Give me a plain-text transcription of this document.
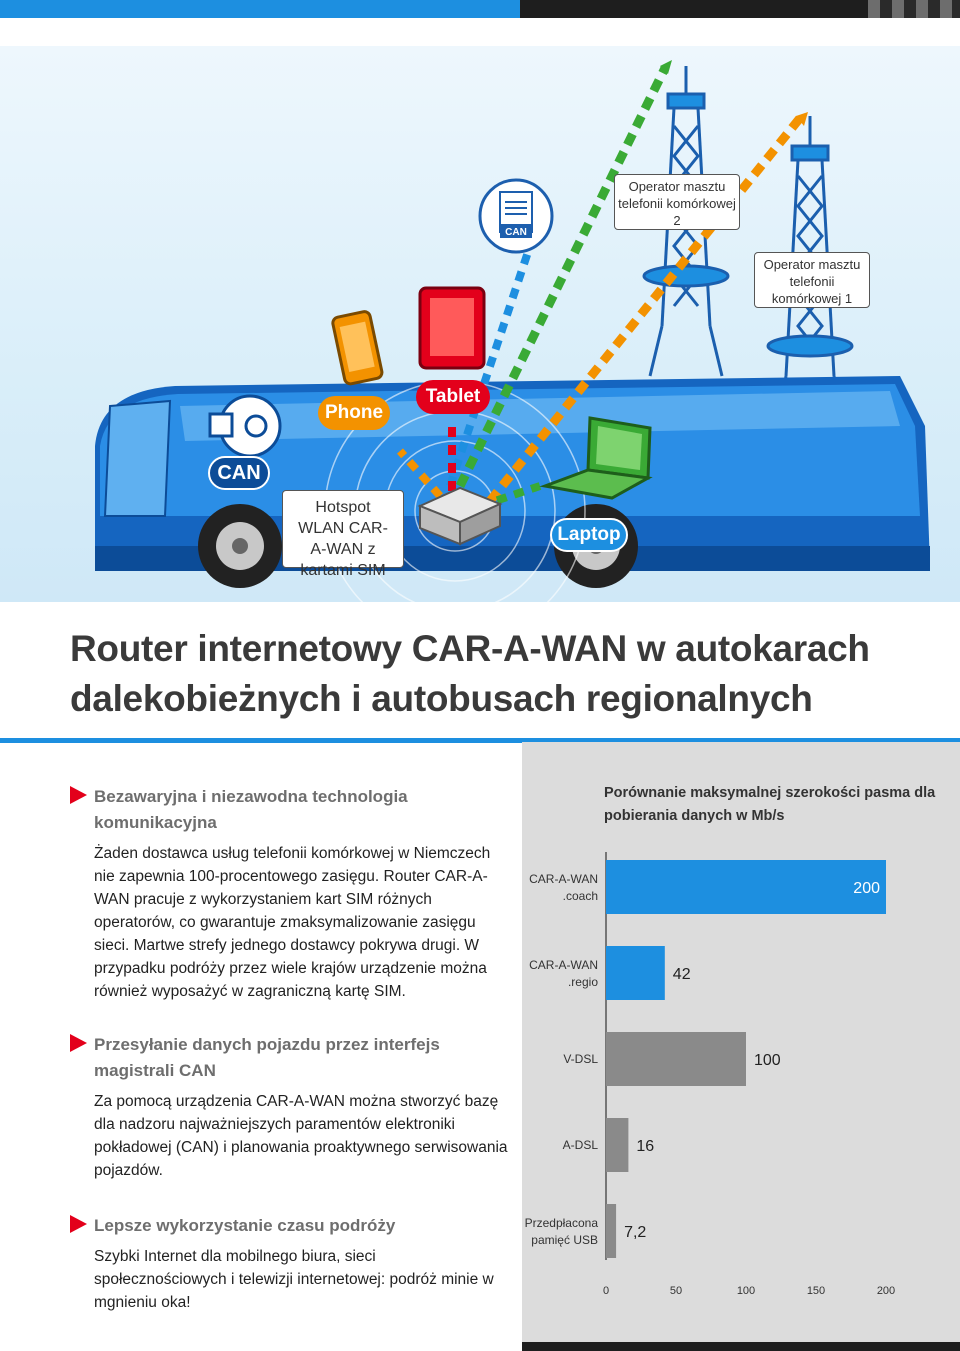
CAN
Operator masztu telefonii komórkowej 2
Operator masztu telefonii komórkowej 1
Phone
Tablet
Laptop
CAN
Hotspot WLAN CAR-A-WAN z kartami SIM
Router internetowy CAR-A-WAN w autokarach dalekobieżnych i autobusach regionalnych
Bezawaryjna i niezawodna technologia komunikacyjna

Żaden dostawca usług telefonii komórkowej w Niemczech nie zapewnia 100-procentowego zasięgu. Router CAR-A-WAN pracuje z wykorzystaniem kart SIM różnych operatorów, co gwarantuje zmaksymalizowanie zasięgu sieci. Martwe strefy jednego dostawcy pokrywa drugi. W przypadku podróży przez wiele krajów urządzenie można również wyposażyć w zagraniczną kartę SIM.

Przesyłanie danych pojazdu przez interfejs magistrali CAN

Za pomocą urządzenia CAR-A-WAN można stworzyć bazę dla nadzoru najważniejszych paramentów elektroniki pokładowej (CAN) i planowania proaktywnego serwisowania pojazdów.

Lepsze wykorzystanie czasu podróży

Szybki Internet dla mobilnego biura, sieci społecznościowych i telewizji internetowej: podróż minie w mgnieniu oka!

Porównanie maksymalnej szerokości pasma dla pobierania danych w Mb/s
200
CAR-A-WAN
.coach
42
CAR-A-WAN
.regio
100
V-DSL
16
A-DSL
7,2
Przedpłacona
pamięć USB
0	50	100	150	200
